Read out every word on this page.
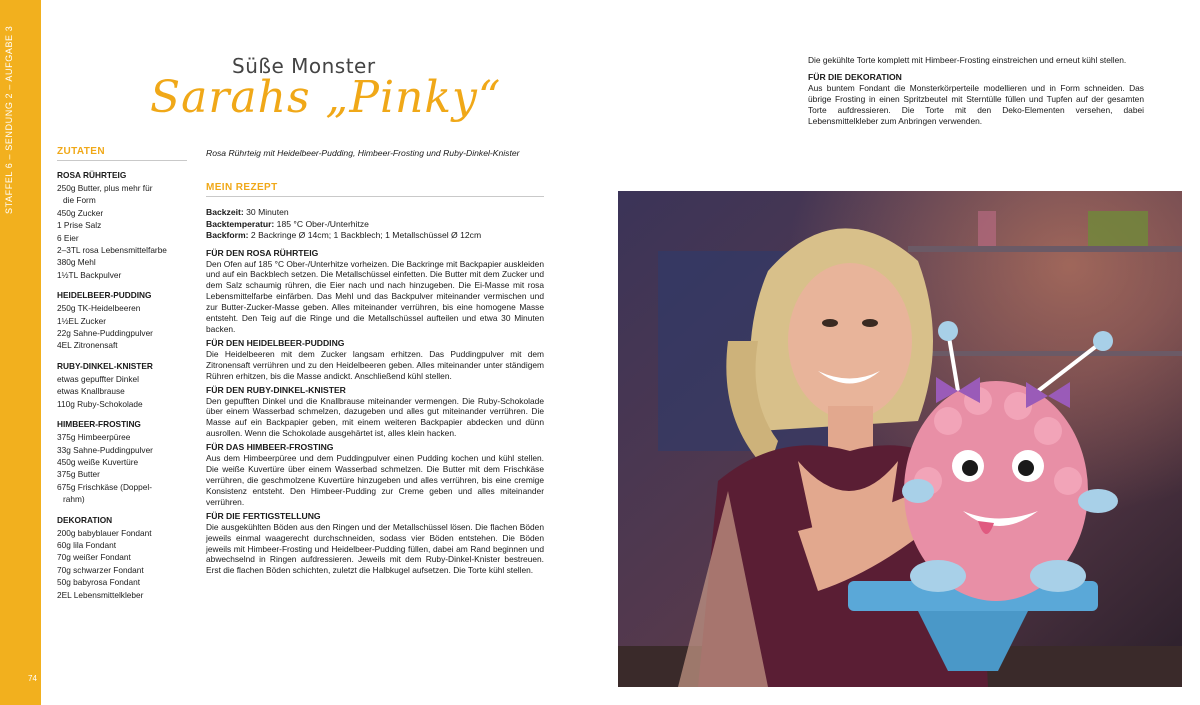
STAFFEL 6 – SENDUNG 2 – AUFGABE 3
74
Süße Monster
Sarahs „Pinky“
ZUTATEN
ROSA RÜHRTEIG
250g Butter, plus mehr für
die Form
450g Zucker
1 Prise Salz
6 Eier
2–3TL rosa Lebensmittelfarbe
380g Mehl
1½TL Backpulver
HEIDELBEER-PUDDING
250g TK-Heidelbeeren
1½EL Zucker
22g Sahne-Puddingpulver
4EL Zitronensaft
RUBY-DINKEL-KNISTER
etwas gepuffter Dinkel
etwas Knallbrause
110g Ruby-Schokolade
HIMBEER-FROSTING
375g Himbeerpüree
33g Sahne-Puddingpulver
450g weiße Kuvertüre
375g Butter
675g Frischkäse (Doppel-
rahm)
DEKORATION
200g babyblauer Fondant
60g lila Fondant
70g weißer Fondant
70g schwarzer Fondant
50g babyrosa Fondant
2EL Lebensmittelkleber
Rosa Rührteig mit Heidelbeer-Pudding, Himbeer-Frosting und Ruby-Dinkel-Knister
MEIN REZEPT
Backzeit: 30 Minuten
Backtemperatur: 185 °C Ober-/Unterhitze
Backform: 2 Backringe Ø 14cm; 1 Backblech; 1 Metallschüssel Ø 12cm
FÜR DEN ROSA RÜHRTEIG
Den Ofen auf 185 °C Ober-/Unterhitze vorheizen. Die Backringe mit Backpapier auskleiden und auf ein Backblech setzen. Die Metallschüssel einfetten. Die Butter mit dem Zucker und dem Salz schaumig rühren, die Eier nach und nach hinzugeben. Die Ei-Masse mit rosa Lebensmittelfarbe einfärben. Das Mehl und das Backpulver miteinander vermischen und zur Butter-Zucker-Masse geben. Alles miteinander verrühren, bis eine homogene Masse entsteht. Den Teig auf die Ringe und die Metallschüssel aufteilen und etwa 30 Minuten backen.
FÜR DEN HEIDELBEER-PUDDING
Die Heidelbeeren mit dem Zucker langsam erhitzen. Das Puddingpulver mit dem Zitronensaft verrühren und zu den Heidelbeeren geben. Alles miteinander unter ständigem Rühren erhitzen, bis die Masse andickt. Anschließend kühl stellen.
FÜR DEN RUBY-DINKEL-KNISTER
Den gepufften Dinkel und die Knallbrause miteinander vermengen. Die Ruby-Schokolade über einem Wasserbad schmelzen, dazugeben und alles gut miteinander verrühren. Die Masse auf ein Backpapier geben, mit einem weiteren Backpapier abdecken und dünn ausrollen. Wenn die Schokolade ausgehärtet ist, alles klein hacken.
FÜR DAS HIMBEER-FROSTING
Aus dem Himbeerpüree und dem Puddingpulver einen Pudding kochen und kühl stellen. Die weiße Kuvertüre über einem Wasserbad schmelzen. Die Butter mit dem Frischkäse verrühren, die geschmolzene Kuvertüre hinzugeben und alles verrühren, bis eine cremige Konsistenz entsteht. Den Himbeer-Pudding zur Creme geben und alles miteinander verrühren.
FÜR DIE FERTIGSTELLUNG
Die ausgekühlten Böden aus den Ringen und der Metallschüssel lösen. Die flachen Böden jeweils einmal waagerecht durchschneiden, sodass vier Böden entstehen. Die Böden jeweils mit Himbeer-Frosting und Heidelbeer-Pudding füllen, dabei am Rand beginnen und abwechselnd in Ringen aufdressieren. Jeweils mit dem Ruby-Dinkel-Knister bestreuen. Erst die flachen Böden schichten, zuletzt die Halbkugel aufsetzen. Die Torte kühl stellen.
Die gekühlte Torte komplett mit Himbeer-Frosting einstreichen und erneut kühl stellen.
FÜR DIE DEKORATION
Aus buntem Fondant die Monsterkörperteile modellieren und in Form schneiden. Das übrige Frosting in einen Spritzbeutel mit Sterntülle füllen und Tupfen auf der gesamten Torte aufdressieren. Die Torte mit den Deko-Elementen versehen, dabei Lebensmittelkleber zum Anbringen verwenden.
